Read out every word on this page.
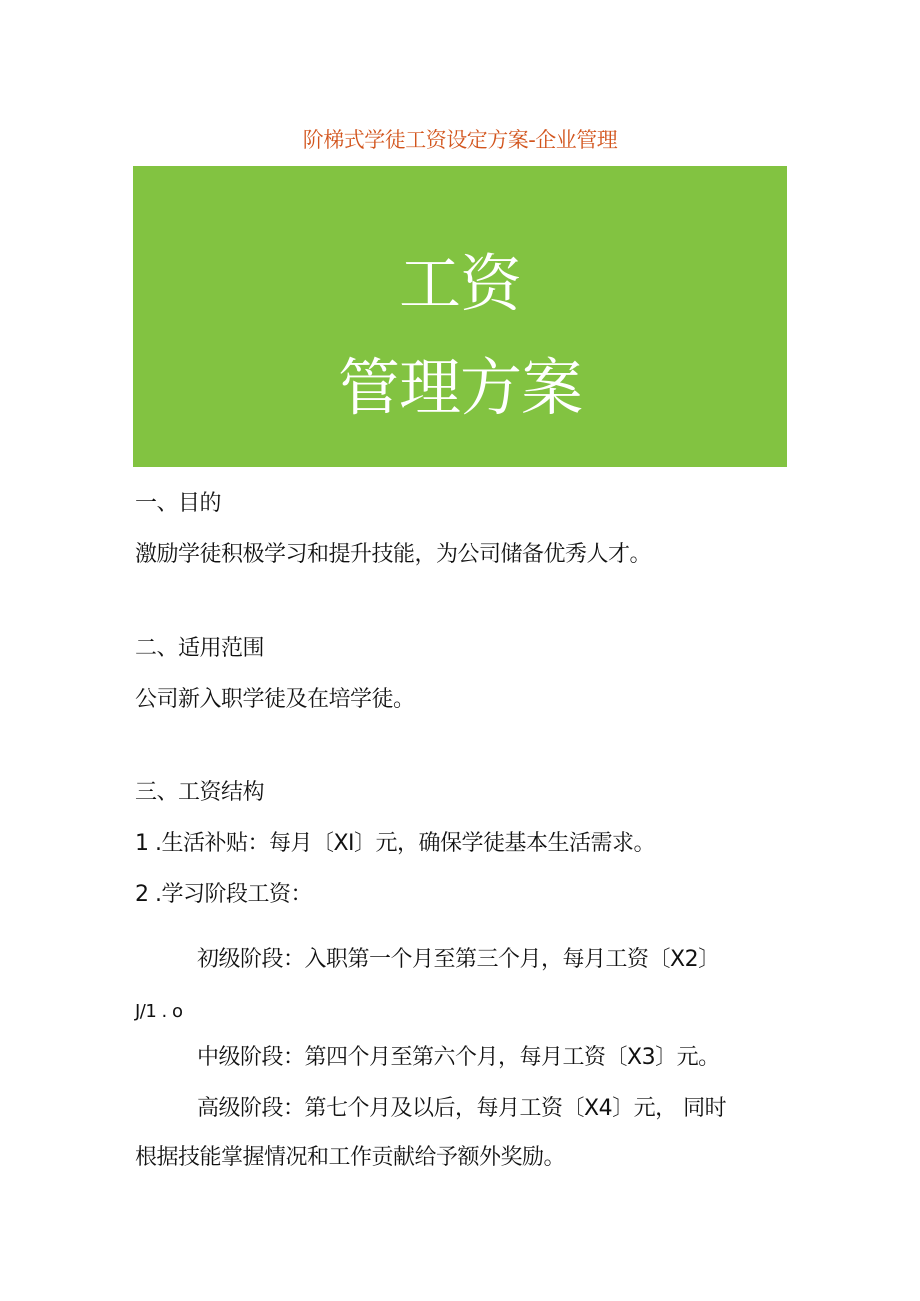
阶梯式学徒工资设定方案-企业管理
工资
管理方案
一、目的
激励学徒积极学习和提升技能，为公司储备优秀人才。
二、适用范围
公司新入职学徒及在培学徒。
三、工资结构
1 .生活补贴：每月〔XI〕元，确保学徒基本生活需求。
2 .学习阶段工资：
初级阶段：入职第一个月至第三个月，每月工资〔X2〕
J/1 . o
中级阶段：第四个月至第六个月，每月工资〔X3〕元。
高级阶段：第七个月及以后，每月工资〔X4〕元， 同时
根据技能掌握情况和工作贡献给予额外奖励。
